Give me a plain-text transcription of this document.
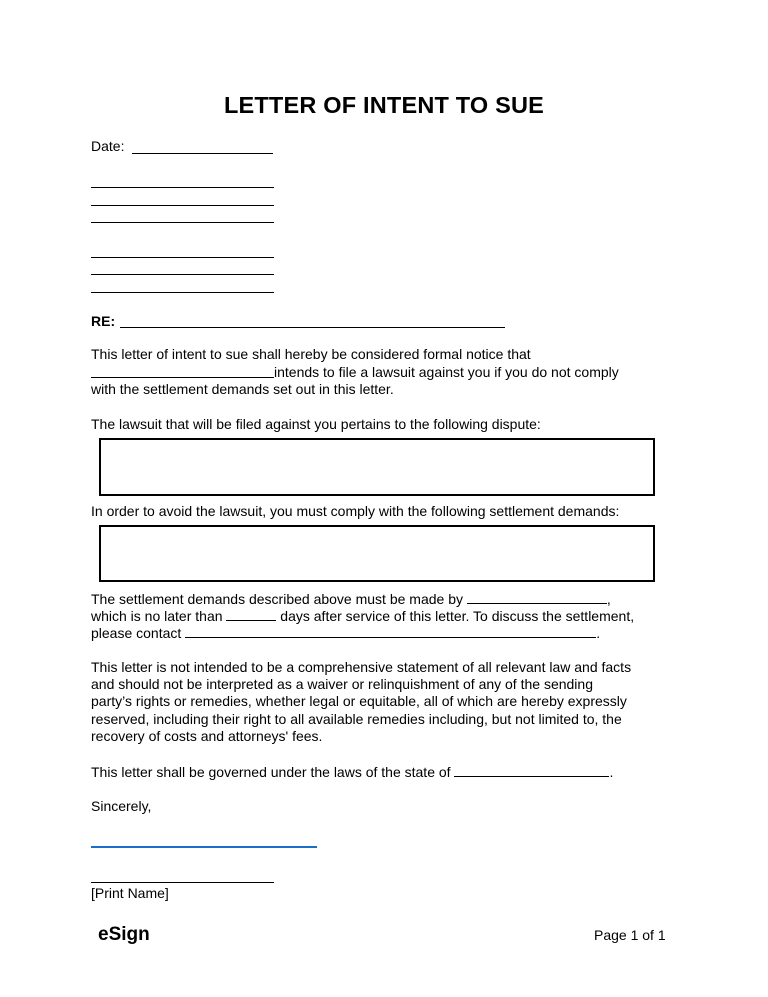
LETTER OF INTENT TO SUE
Date:
RE:
This letter of intent to sue shall hereby be considered formal notice that
intends to file a lawsuit against you if you do not comply
with the settlement demands set out in this letter.
The lawsuit that will be filed against you pertains to the following dispute:
In order to avoid the lawsuit, you must comply with the following settlement demands:
The settlement demands described above must be made by	,
which is no later than	days after service of this letter. To discuss the settlement,
please contact	.
This letter is not intended to be a comprehensive statement of all relevant law and facts
and should not be interpreted as a waiver or relinquishment of any of the sending
party’s rights or remedies, whether legal or equitable, all of which are hereby expressly
reserved, including their right to all available remedies including, but not limited to, the
recovery of costs and attorneys' fees.
This letter shall be governed under the laws of the state of	.
Sincerely,
[Print Name]
eSign	Page 1 of 1
